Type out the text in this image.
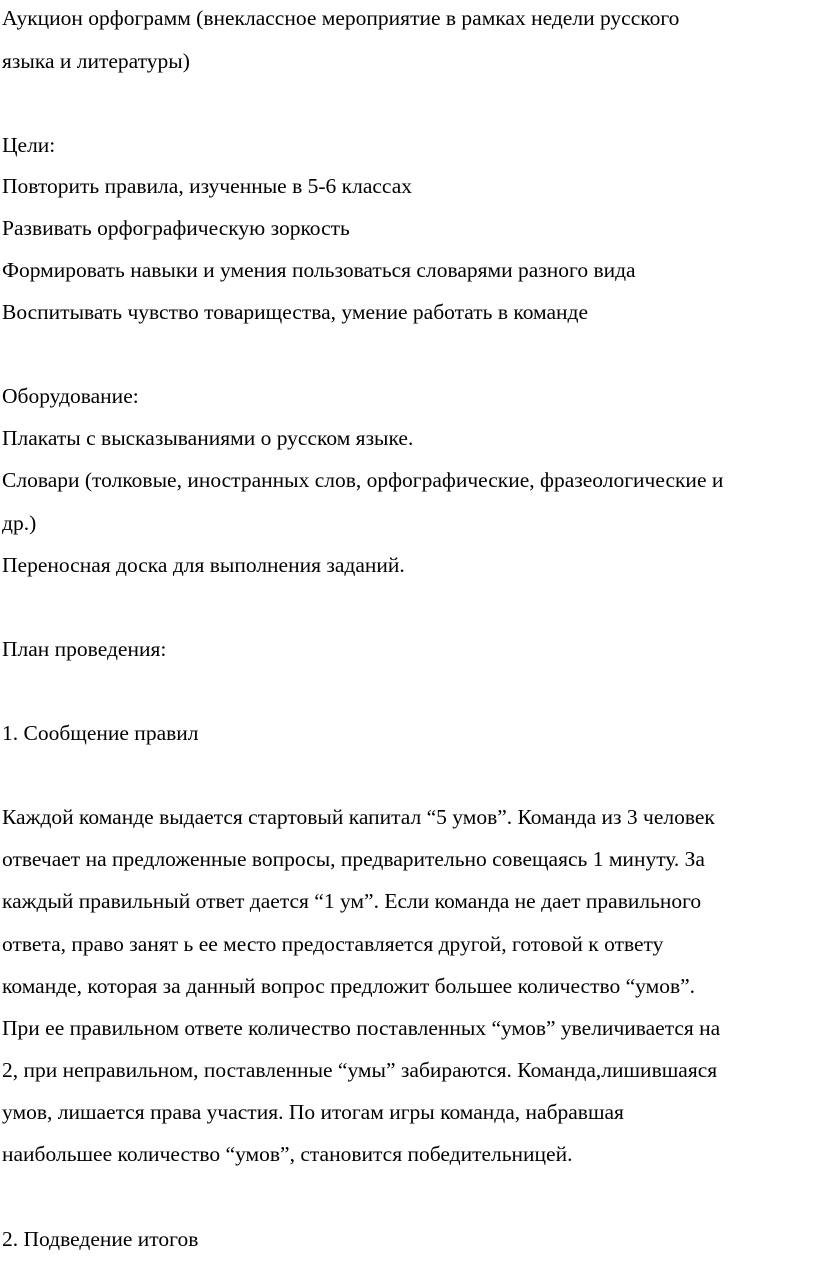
Аукцион орфограмм (внеклассное мероприятие в рамках недели русского
языка и литературы)
Цели:
Повторить правила, изученные в 5-6 классах
Развивать орфографическую зоркость
Формировать навыки и умения пользоваться словарями разного вида
Воспитывать чувство товарищества, умение работать в команде
Оборудование:
Плакаты с высказываниями о русском языке.
Словари (толковые, иностранных слов, орфографические, фразеологические и
др.)
Переносная доска для выполнения заданий.
План проведения:
1. Сообщение правил
Каждой команде выдается стартовый капитал “5 умов”. Команда из 3 человек
отвечает на предложенные вопросы, предварительно совещаясь 1 минуту. За
каждый правильный ответ дается “1 ум”. Если команда не дает правильного
ответа, право занят ь ее место предоставляется другой, готовой к ответу
команде, которая за данный вопрос предложит большее количество “умов”.
При ее правильном ответе количество поставленных “умов” увеличивается на
2, при неправильном, поставленные “умы” забираются. Команда,лишившаяся
умов, лишается права участия. По итогам игры команда, набравшая
наибольшее количество “умов”, становится победительницей.
2. Подведение итогов
